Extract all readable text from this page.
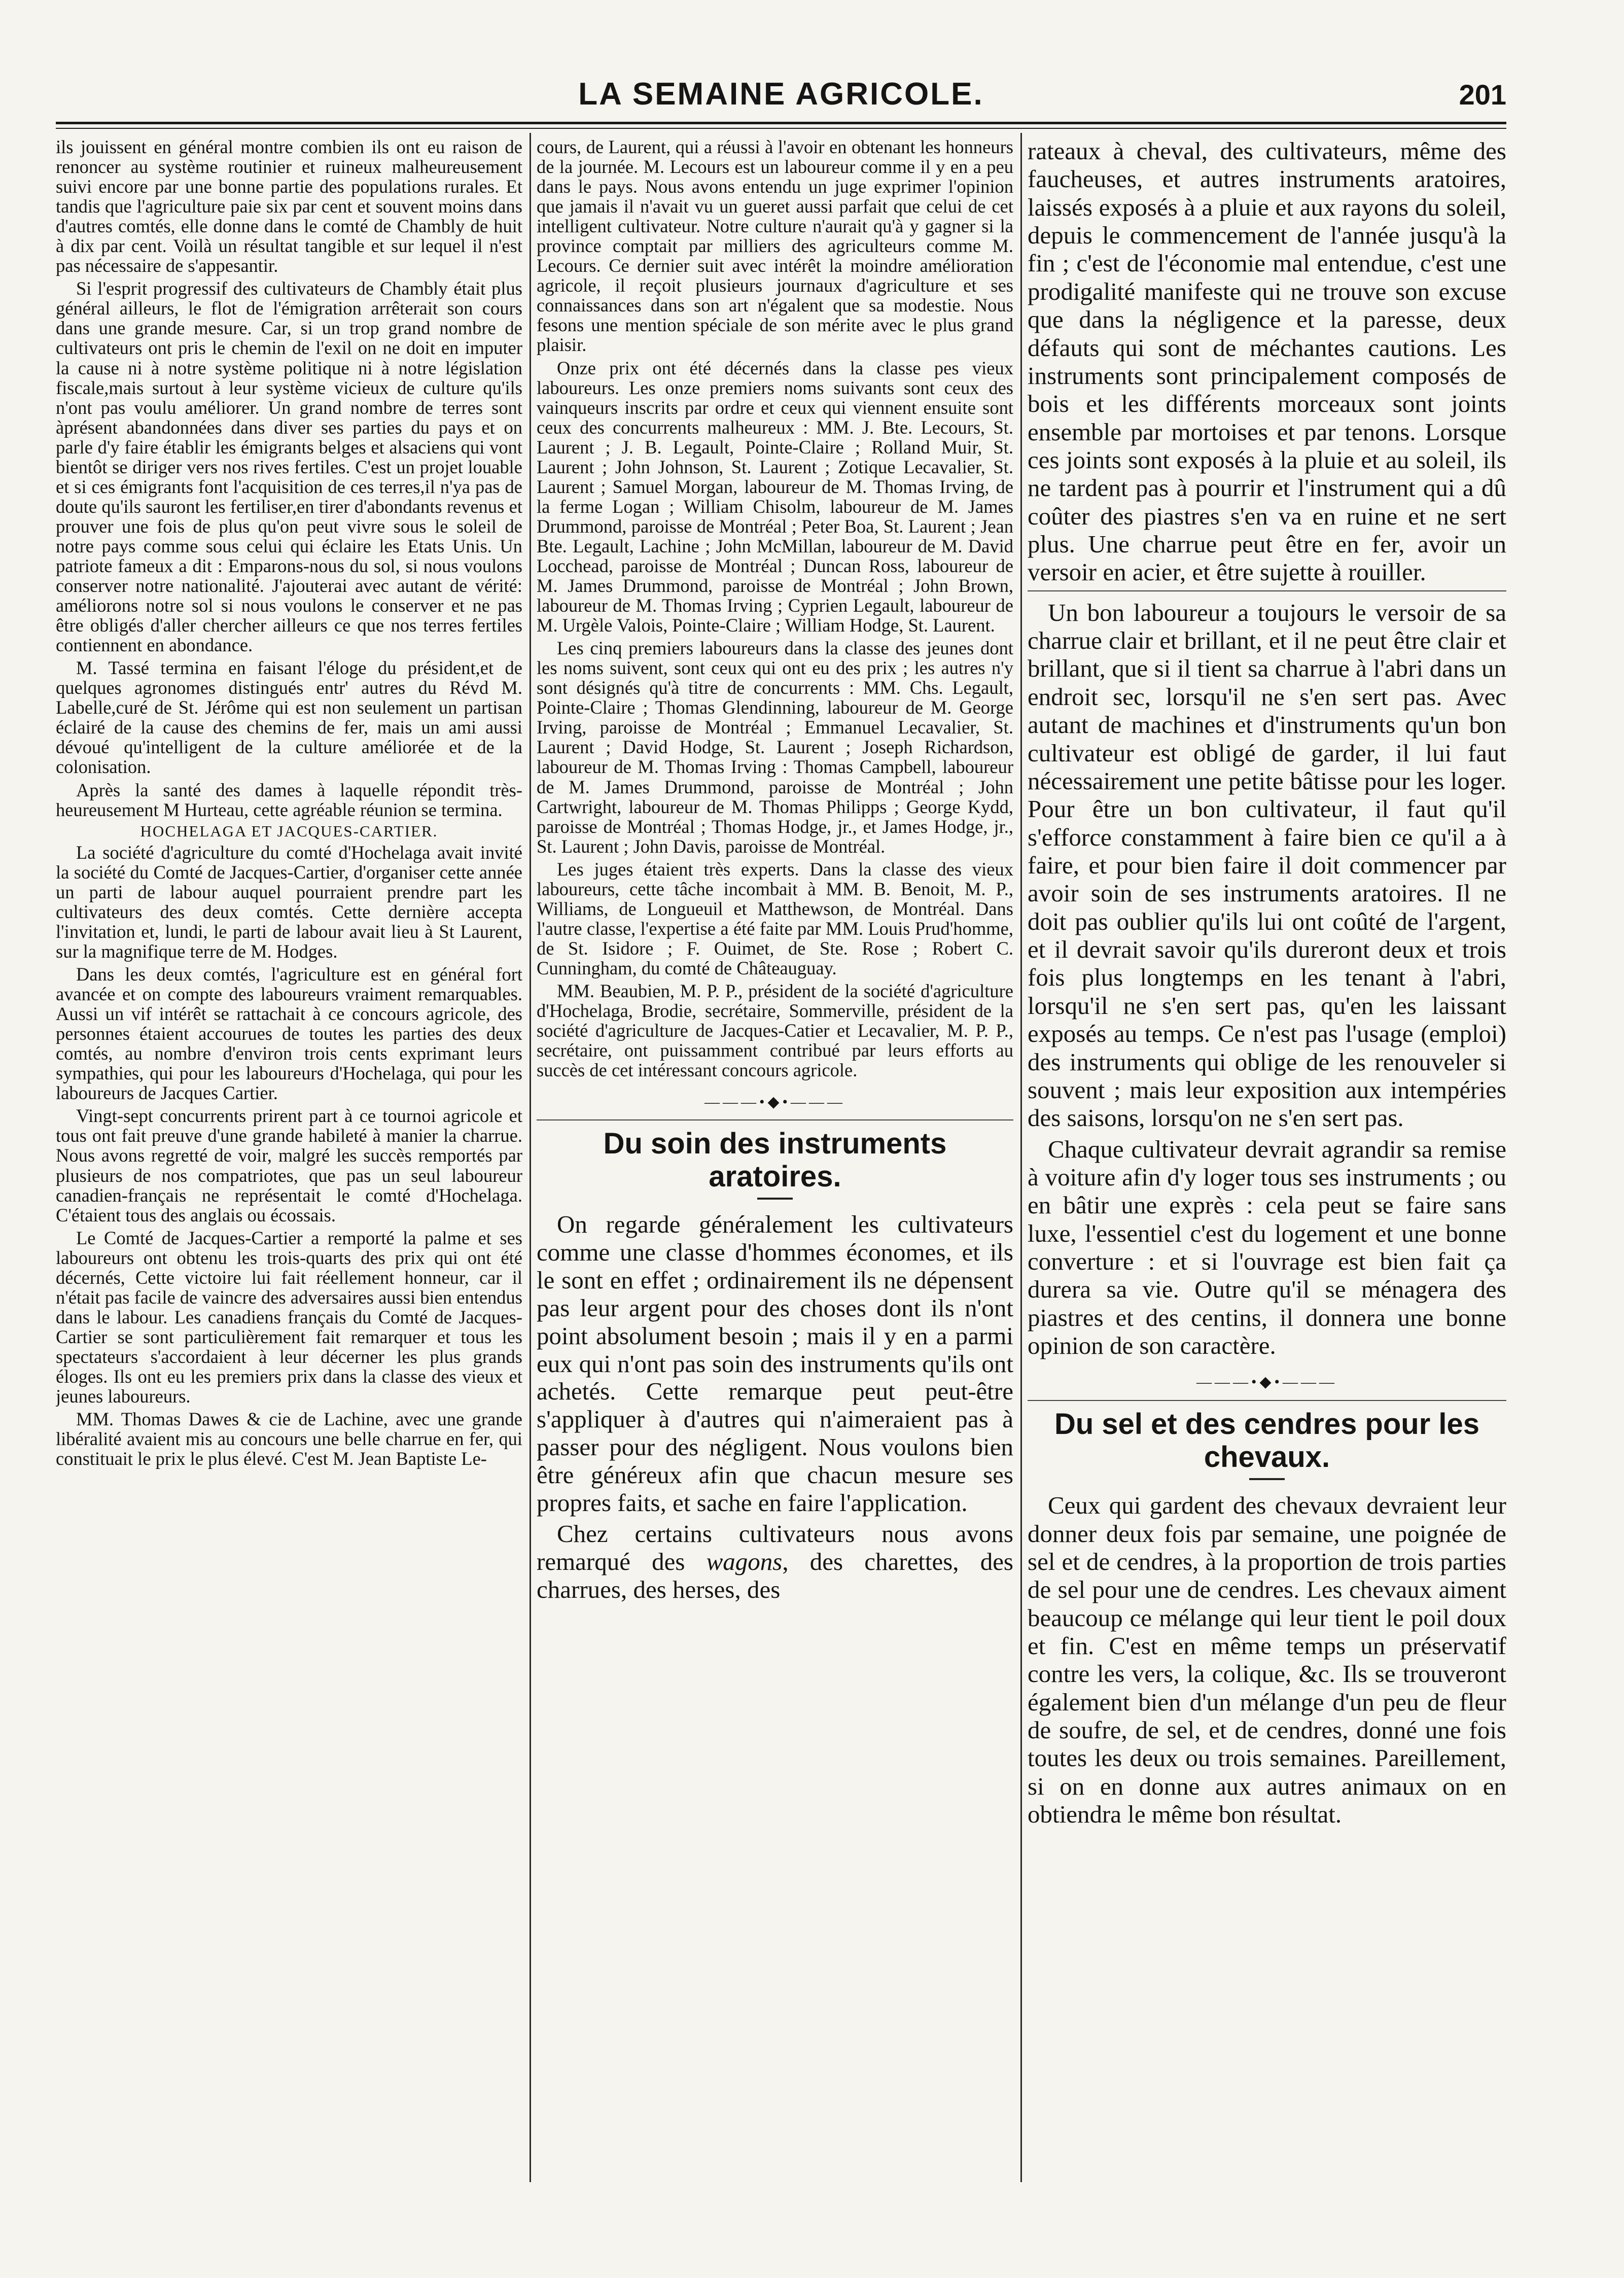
LA SEMAINE AGRICOLE.	201

ils jouissent en général montre combien ils ont eu raison de renoncer au système routinier et ruineux malheureusement suivi encore par une bonne partie des populations rurales. Et tandis que l'agriculture paie six par cent et souvent moins dans d'autres comtés, elle donne dans le comté de Chambly de huit à dix par cent. Voilà un résultat tangible et sur lequel il n'est pas nécessaire de s'appesantir.

Si l'esprit progressif des cultivateurs de Chambly était plus général ailleurs, le flot de l'émigration arrêterait son cours dans une grande mesure. Car, si un trop grand nombre de cultivateurs ont pris le chemin de l'exil on ne doit en imputer la cause ni à notre système politique ni à notre législation fiscale,mais surtout à leur système vicieux de culture qu'ils n'ont pas voulu améliorer. Un grand nombre de terres sont àprésent abandonnées dans diver ses parties du pays et on parle d'y faire établir les émigrants belges et alsaciens qui vont bientôt se diriger vers nos rives fertiles. C'est un projet louable et si ces émigrants font l'acquisition de ces terres,il n'ya pas de doute qu'ils sauront les fertiliser,en tirer d'abondants revenus et prouver une fois de plus qu'on peut vivre sous le soleil de notre pays comme sous celui qui éclaire les Etats Unis. Un patriote fameux a dit : Emparons-nous du sol, si nous voulons conserver notre nationalité. J'ajouterai avec autant de vérité: améliorons notre sol si nous voulons le conserver et ne pas être obligés d'aller chercher ailleurs ce que nos terres fertiles contiennent en abondance.

M. Tassé termina en faisant l'éloge du président,et de quelques agronomes distingués entr' autres du Révd M. Labelle,curé de St. Jérôme qui est non seulement un partisan éclairé de la cause des chemins de fer, mais un ami aussi dévoué qu'intelligent de la culture améliorée et de la colonisation.

Après la santé des dames à laquelle répondit très-heureusement M Hurteau, cette agréable réunion se termina.

HOCHELAGA ET JACQUES-CARTIER.

La société d'agriculture du comté d'Hochelaga avait invité la société du Comté de Jacques-Cartier, d'organiser cette année un parti de labour auquel pourraient prendre part les cultivateurs des deux comtés. Cette dernière accepta l'invitation et, lundi, le parti de labour avait lieu à St Laurent, sur la magnifique terre de M. Hodges.

Dans les deux comtés, l'agriculture est en général fort avancée et on compte des laboureurs vraiment remarquables. Aussi un vif intérêt se rattachait à ce concours agricole, des personnes étaient accourues de toutes les parties des deux comtés, au nombre d'environ trois cents exprimant leurs sympathies, qui pour les laboureurs d'Hochelaga, qui pour les laboureurs de Jacques Cartier.

Vingt-sept concurrents prirent part à ce tournoi agricole et tous ont fait preuve d'une grande habileté à manier la charrue. Nous avons regretté de voir, malgré les succès remportés par plusieurs de nos compatriotes, que pas un seul laboureur canadien-français ne représentait le comté d'Hochelaga. C'étaient tous des anglais ou écossais.

Le Comté de Jacques-Cartier a remporté la palme et ses laboureurs ont obtenu les trois-quarts des prix qui ont été décernés, Cette victoire lui fait réellement honneur, car il n'était pas facile de vaincre des adversaires aussi bien entendus dans le labour. Les canadiens français du Comté de Jacques-Cartier se sont particulièrement fait remarquer et tous les spectateurs s'accordaient à leur décerner les plus grands éloges. Ils ont eu les premiers prix dans la classe des vieux et jeunes laboureurs.

MM. Thomas Dawes & cie de Lachine, avec une grande libéralité avaient mis au concours une belle charrue en fer, qui constituait le prix le plus élevé. C'est M. Jean Baptiste Le-

cours, de Laurent, qui a réussi à l'avoir en obtenant les honneurs de la journée. M. Lecours est un laboureur comme il y en a peu dans le pays. Nous avons entendu un juge exprimer l'opinion que jamais il n'avait vu un gueret aussi parfait que celui de cet intelligent cultivateur. Notre culture n'aurait qu'à y gagner si la province comptait par milliers des agriculteurs comme M. Lecours. Ce dernier suit avec intérêt la moindre amélioration agricole, il reçoit plusieurs journaux d'agriculture et ses connaissances dans son art n'égalent que sa modestie. Nous fesons une mention spéciale de son mérite avec le plus grand plaisir.

Onze prix ont été décernés dans la classe pes vieux laboureurs. Les onze premiers noms suivants sont ceux des vainqueurs inscrits par ordre et ceux qui viennent ensuite sont ceux des concurrents malheureux : MM. J. Bte. Lecours, St. Laurent ; J. B. Legault, Pointe-Claire ; Rolland Muir, St. Laurent ; John Johnson, St. Laurent ; Zotique Lecavalier, St. Laurent ; Samuel Morgan, laboureur de M. Thomas Irving, de la ferme Logan ; William Chisolm, laboureur de M. James Drummond, paroisse de Montréal ; Peter Boa, St. Laurent ; Jean Bte. Legault, Lachine ; John McMillan, laboureur de M. David Locchead, paroisse de Montréal ; Duncan Ross, laboureur de M. James Drummond, paroisse de Montréal ; John Brown, laboureur de M. Thomas Irving ; Cyprien Legault, laboureur de M. Urgèle Valois, Pointe-Claire ; William Hodge, St. Laurent.

Les cinq premiers laboureurs dans la classe des jeunes dont les noms suivent, sont ceux qui ont eu des prix ; les autres n'y sont désignés qu'à titre de concurrents : MM. Chs. Legault, Pointe-Claire ; Thomas Glendinning, laboureur de M. George Irving, paroisse de Montréal ; Emmanuel Lecavalier, St. Laurent ; David Hodge, St. Laurent ; Joseph Richardson, laboureur de M. Thomas Irving : Thomas Campbell, laboureur de M. James Drummond, paroisse de Montréal ; John Cartwright, laboureur de M. Thomas Philipps ; George Kydd, paroisse de Montréal ; Thomas Hodge, jr., et James Hodge, jr., St. Laurent ; John Davis, paroisse de Montréal.

Les juges étaient très experts. Dans la classe des vieux laboureurs, cette tâche incombait à MM. B. Benoit, M. P., Williams, de Longueuil et Matthewson, de Montréal. Dans l'autre classe, l'expertise a été faite par MM. Louis Prud'homme, de St. Isidore ; F. Ouimet, de Ste. Rose ; Robert C. Cunningham, du comté de Châteauguay.

MM. Beaubien, M. P. P., président de la société d'agriculture d'Hochelaga, Brodie, secrétaire, Sommerville, président de la société d'agriculture de Jacques-Catier et Lecavalier, M. P. P., secrétaire, ont puissamment contribué par leurs efforts au succès de cet intéressant concours agricole.

———•◆•———

Du soin des instruments aratoires.

On regarde généralement les cultivateurs comme une classe d'hommes économes, et ils le sont en effet ; ordinairement ils ne dépensent pas leur argent pour des choses dont ils n'ont point absolument besoin ; mais il y en a parmi eux qui n'ont pas soin des instruments qu'ils ont achetés. Cette remarque peut peut-être s'appliquer à d'autres qui n'aimeraient pas à passer pour des négligent. Nous voulons bien être généreux afin que chacun mesure ses propres faits, et sache en faire l'application.

Chez certains cultivateurs nous avons remarqué des wagons, des charettes, des charrues, des herses, des

rateaux à cheval, des cultivateurs, même des faucheuses, et autres instruments aratoires, laissés exposés à a pluie et aux rayons du soleil, depuis le commencement de l'année jusqu'à la fin ; c'est de l'économie mal entendue, c'est une prodigalité manifeste qui ne trouve son excuse que dans la négligence et la paresse, deux défauts qui sont de méchantes cautions. Les instruments sont principalement composés de bois et les différents morceaux sont joints ensemble par mortoises et par tenons. Lorsque ces joints sont exposés à la pluie et au soleil, ils ne tardent pas à pourrir et l'instrument qui a dû coûter des piastres s'en va en ruine et ne sert plus. Une charrue peut être en fer, avoir un versoir en acier, et être sujette à rouiller.

Un bon laboureur a toujours le versoir de sa charrue clair et brillant, et il ne peut être clair et brillant, que si il tient sa charrue à l'abri dans un endroit sec, lorsqu'il ne s'en sert pas. Avec autant de machines et d'instruments qu'un bon cultivateur est obligé de garder, il lui faut nécessairement une petite bâtisse pour les loger. Pour être un bon cultivateur, il faut qu'il s'efforce constamment à faire bien ce qu'il a à faire, et pour bien faire il doit commencer par avoir soin de ses instruments aratoires. Il ne doit pas oublier qu'ils lui ont coûté de l'argent, et il devrait savoir qu'ils dureront deux et trois fois plus longtemps en les tenant à l'abri, lorsqu'il ne s'en sert pas, qu'en les laissant exposés au temps. Ce n'est pas l'usage (emploi) des instruments qui oblige de les renouveler si souvent ; mais leur exposition aux intempéries des saisons, lorsqu'on ne s'en sert pas.

Chaque cultivateur devrait agrandir sa remise à voiture afin d'y loger tous ses instruments ; ou en bâtir une exprès : cela peut se faire sans luxe, l'essentiel c'est du logement et une bonne converture : et si l'ouvrage est bien fait ça durera sa vie. Outre qu'il se ménagera des piastres et des centins, il donnera une bonne opinion de son caractère.

———•◆•———

Du sel et des cendres pour les chevaux.

Ceux qui gardent des chevaux devraient leur donner deux fois par semaine, une poignée de sel et de cendres, à la proportion de trois parties de sel pour une de cendres. Les chevaux aiment beaucoup ce mélange qui leur tient le poil doux et fin. C'est en même temps un préservatif contre les vers, la colique, &c. Ils se trouveront également bien d'un mélange d'un peu de fleur de soufre, de sel, et de cendres, donné une fois toutes les deux ou trois semaines. Pareillement, si on en donne aux autres animaux on en obtiendra le même bon résultat.
